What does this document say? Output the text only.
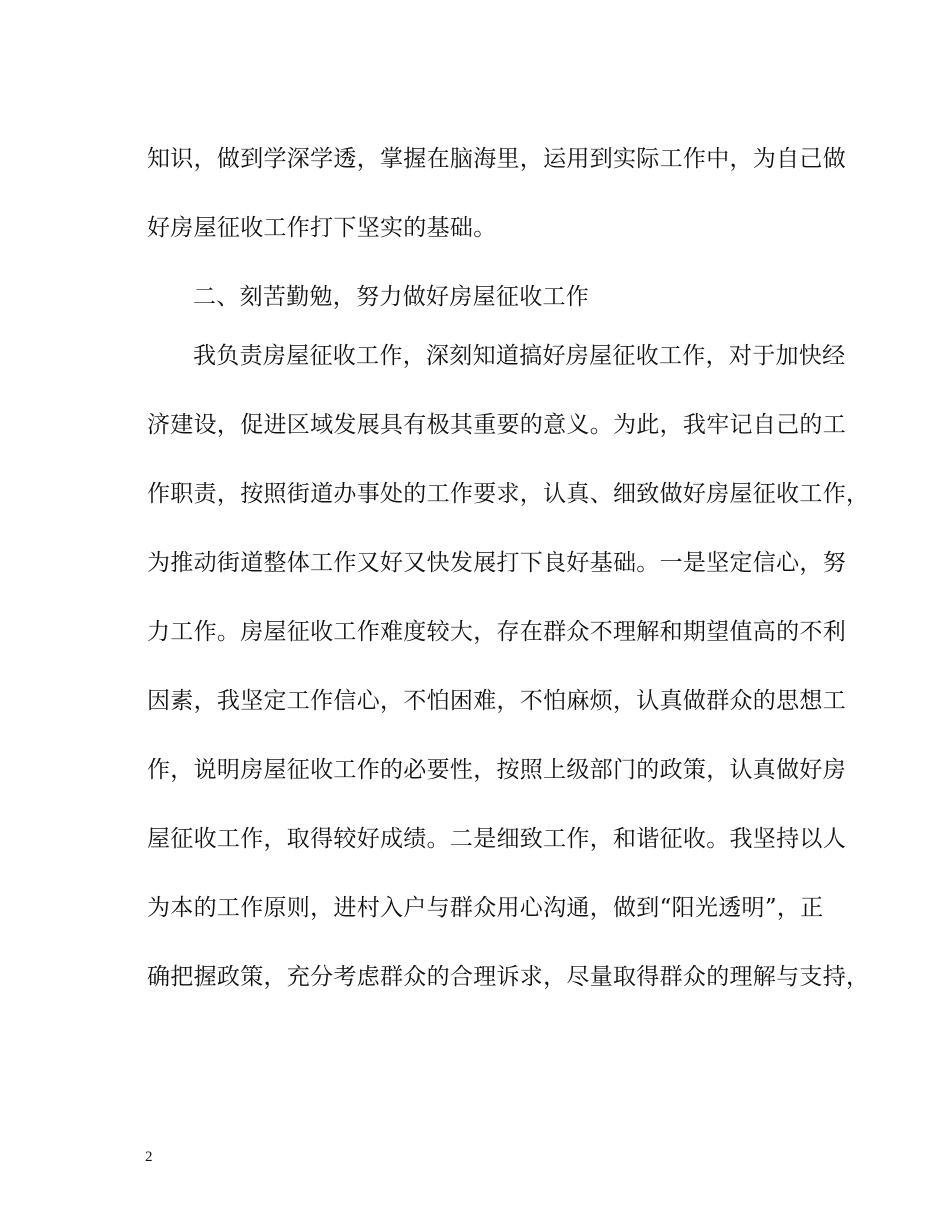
知识，做到学深学透，掌握在脑海里，运用到实际工作中，为自己做
好房屋征收工作打下坚实的基础。
二、刻苦勤勉，努力做好房屋征收工作
我负责房屋征收工作，深刻知道搞好房屋征收工作，对于加快经
济建设，促进区域发展具有极其重要的意义。为此，我牢记自己的工
作职责，按照街道办事处的工作要求，认真、细致做好房屋征收工作，
为推动街道整体工作又好又快发展打下良好基础。一是坚定信心，努
力工作。房屋征收工作难度较大，存在群众不理解和期望值高的不利
因素，我坚定工作信心，不怕困难，不怕麻烦，认真做群众的思想工
作，说明房屋征收工作的必要性，按照上级部门的政策，认真做好房
屋征收工作，取得较好成绩。二是细致工作，和谐征收。我坚持以人
为本的工作原则，进村入户与群众用心沟通，做到“阳光透明”，正
确把握政策，充分考虑群众的合理诉求，尽量取得群众的理解与支持，
2
